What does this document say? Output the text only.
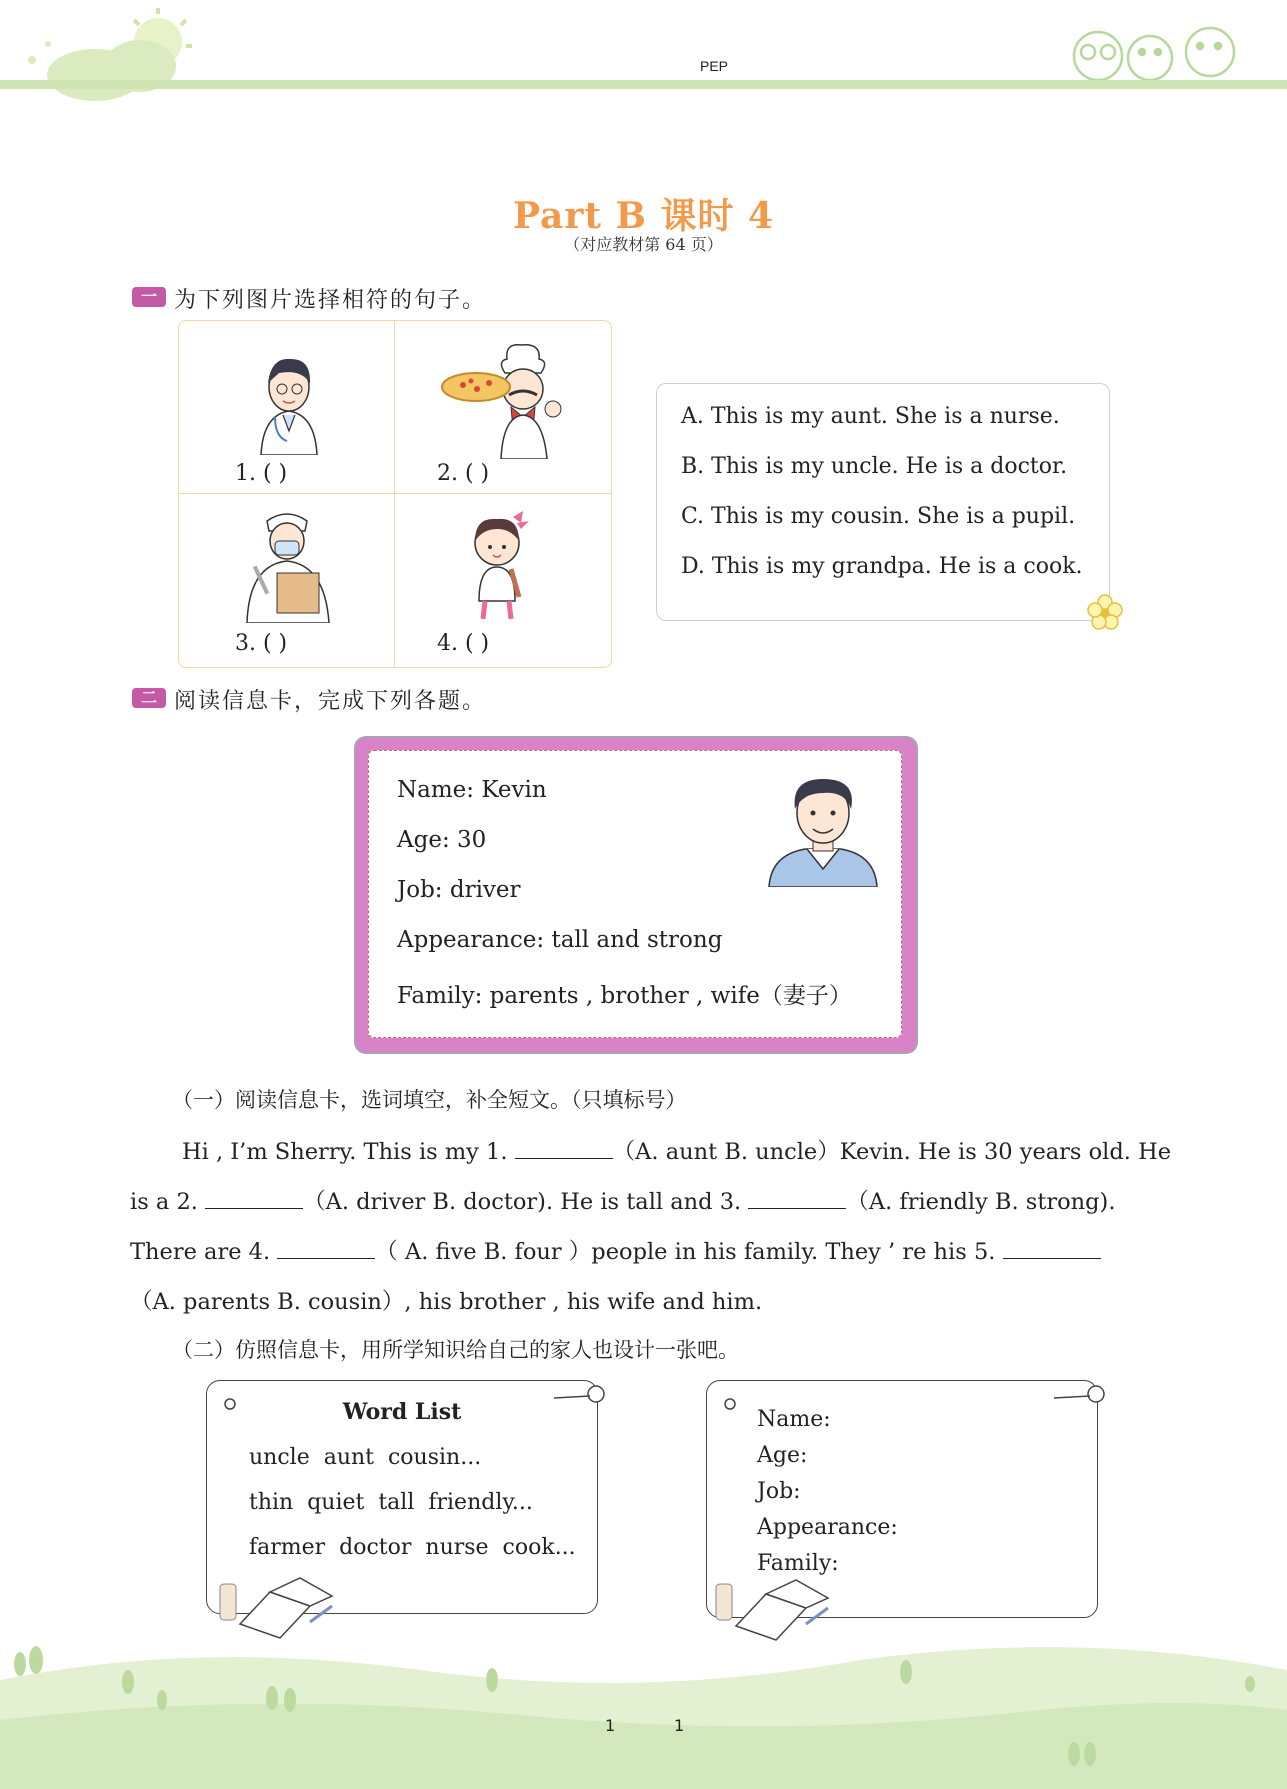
PEP
Part B 课时 4
（对应教材第 64 页）
一 为下列图片选择相符的句子。
1. ( )	2. ( )
3. ( )	4. ( )
A. This is my aunt. She is a nurse.
B. This is my uncle. He is a doctor.
C. This is my cousin. She is a pupil.
D. This is my grandpa. He is a cook.
二 阅读信息卡，完成下列各题。
Name: Kevin
Age: 30
Job: driver
Appearance: tall and strong
Family: parents , brother , wife（妻子）
（一）阅读信息卡，选词填空，补全短文。（只填标号）
Hi , I’m Sherry. This is my 1.	（A. aunt B. uncle）Kevin. He is 30 years old. He
is a 2.	（A. driver B. doctor). He is tall and 3.	（A. friendly B. strong).
There are 4.	（ A. five B. four ）people in his family. They ’ re his 5.
（A. parents B. cousin）, his brother , his wife and him.
（二）仿照信息卡，用所学知识给自己的家人也设计一张吧。
Word List
uncle  aunt  cousin...
thin  quiet  tall  friendly...
farmer  doctor  nurse  cook...
Name:
Age:
Job:
Appearance:
Family:
1	1
